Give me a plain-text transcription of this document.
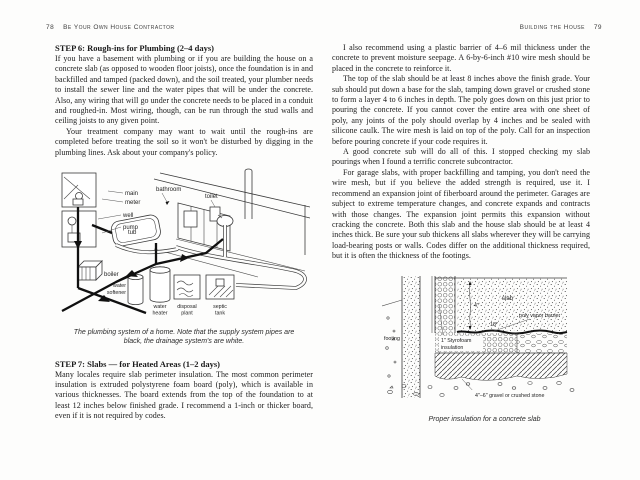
78 Be Your Own House Contractor
STEP 6: Rough-ins for Plumbing (2–4 days)

If you have a basement with plumbing or if you are building the house on a concrete slab (as opposed to wooden floor joists), once the foundation is in and backfilled and tamped (packed down), and the soil treated, your plumber needs to install the sewer line and the water pipes that will be under the concrete. Also, any wiring that will go under the concrete needs to be placed in a conduit and roughed-in. Most wiring, though, can be run through the stud walls and ceiling joists to any given point.

Your treatment company may want to wait until the rough-ins are completed before treating the soil so it won't be disturbed by digging in the plumbing lines. Ask about your company's policy.

main
meter
well
pump
bathroom
toilet
tub
boiler
water
softener
water
heater
disposal
plant
septic
tank
The plumbing system of a home. Note that the supply system pipes are black, the drainage system's are white.
STEP 7: Slabs — for Heated Areas (1–2 days)

Many locales require slab perimeter insulation. The most common perimeter insulation is extruded polystyrene foam board (poly), which is available in various thicknesses. The board extends from the top of the foundation to at least 12 inches below finished grade. I recommend a 1-inch or thicker board, even if it is not required by codes.

Building the House 79

I also recommend using a plastic barrier of 4–6 mil thickness under the concrete to prevent moisture seepage. A 6-by-6-inch #10 wire mesh should be placed in the concrete to reinforce it.

The top of the slab should be at least 8 inches above the finish grade. Your sub should put down a base for the slab, tamping down gravel or crushed stone to form a layer 4 to 6 inches in depth. The poly goes down on this just prior to pouring the concrete. If you cannot cover the entire area with one sheet of poly, any joints of the poly should overlap by 4 inches and be sealed with silicone caulk. The wire mesh is laid on top of the poly. Call for an inspection before pouring concrete if your code requires it.

A good concrete sub will do all of this. I stopped checking my slab pourings when I found a terrific concrete subcontractor.

For garage slabs, with proper backfilling and tamping, you don't need the wire mesh, but if you believe the added strength is required, use it. I recommend an expansion joint of fiberboard around the perimeter. Garages are subject to extreme temperature changes, and concrete expands and contracts with those changes. The expansion joint permits this expansion without cracking the concrete. Both this slab and the house slab should be at least 4 inches thick. Be sure your sub thickens all slabs wherever they will be carrying load-bearing posts or walls. Codes differ on the additional thickness required, but it is often the thickness of the footings.

footing
slab
4"
18"
poly vapor barrier
1" Styrofoam
insulation
4"–6" gravel or crushed stone
Proper insulation for a concrete slab
